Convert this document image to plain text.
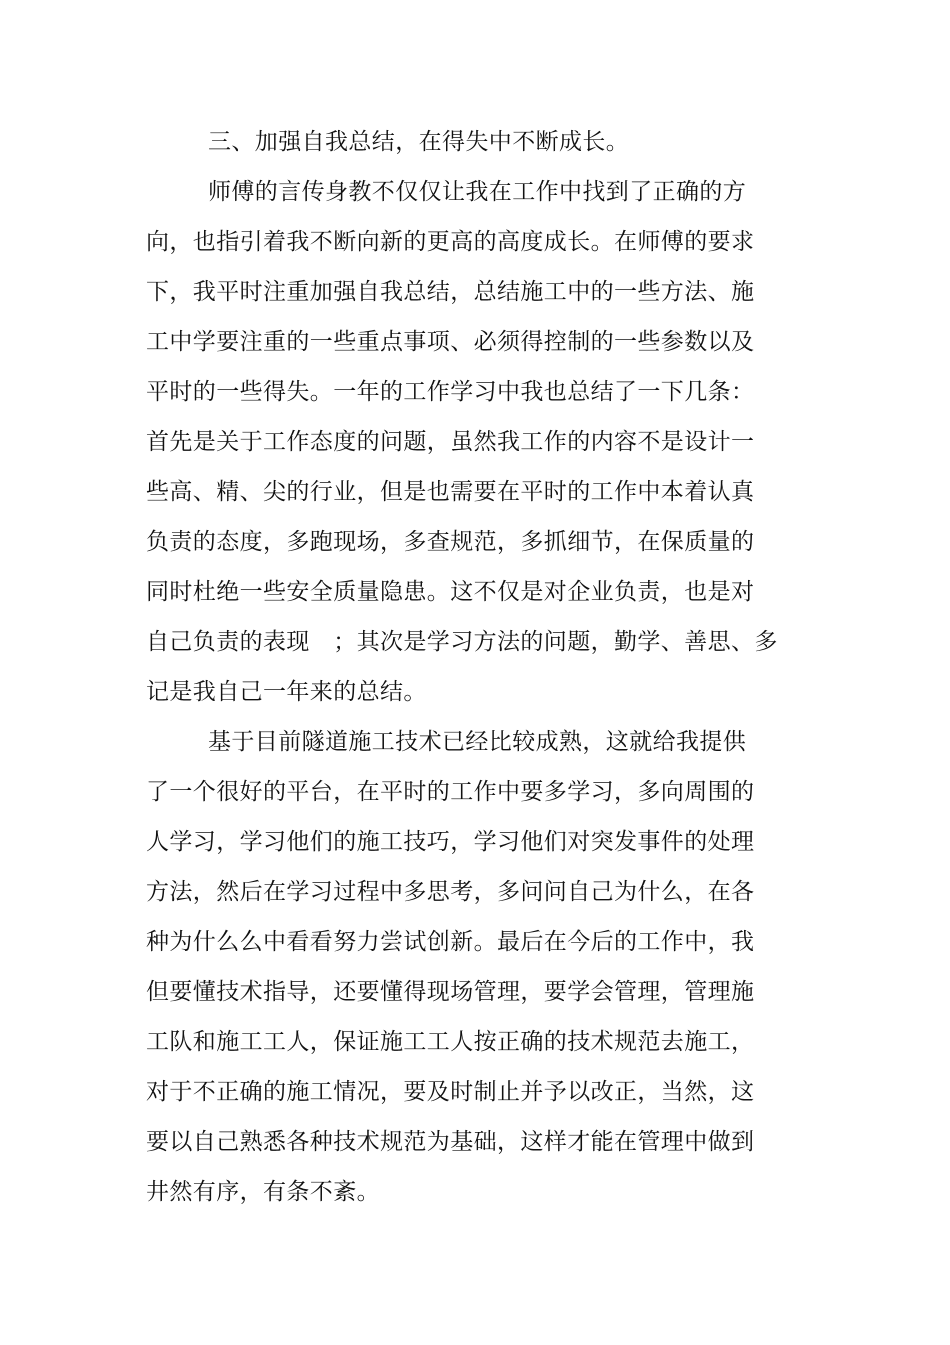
三、加强自我总结，在得失中不断成长。
师傅的言传身教不仅仅让我在工作中找到了正确的方
向，也指引着我不断向新的更高的高度成长。在师傅的要求
下，我平时注重加强自我总结，总结施工中的一些方法、施
工中学要注重的一些重点事项、必须得控制的一些参数以及
平时的一些得失。一年的工作学习中我也总结了一下几条：
首先是关于工作态度的问题，虽然我工作的内容不是设计一
些高、精、尖的行业，但是也需要在平时的工作中本着认真
负责的态度，多跑现场，多查规范，多抓细节，在保质量的
同时杜绝一些安全质量隐患。这不仅是对企业负责，也是对
自己负责的表现　；其次是学习方法的问题，勤学、善思、多
记是我自己一年来的总结。
基于目前隧道施工技术已经比较成熟，这就给我提供
了一个很好的平台，在平时的工作中要多学习，多向周围的
人学习，学习他们的施工技巧，学习他们对突发事件的处理
方法，然后在学习过程中多思考，多问问自己为什么，在各
种为什么么中看看努力尝试创新。最后在今后的工作中，我
但要懂技术指导，还要懂得现场管理，要学会管理，管理施
工队和施工工人，保证施工工人按正确的技术规范去施工，
对于不正确的施工情况，要及时制止并予以改正，当然，这
要以自己熟悉各种技术规范为基础，这样才能在管理中做到
井然有序，有条不紊。
